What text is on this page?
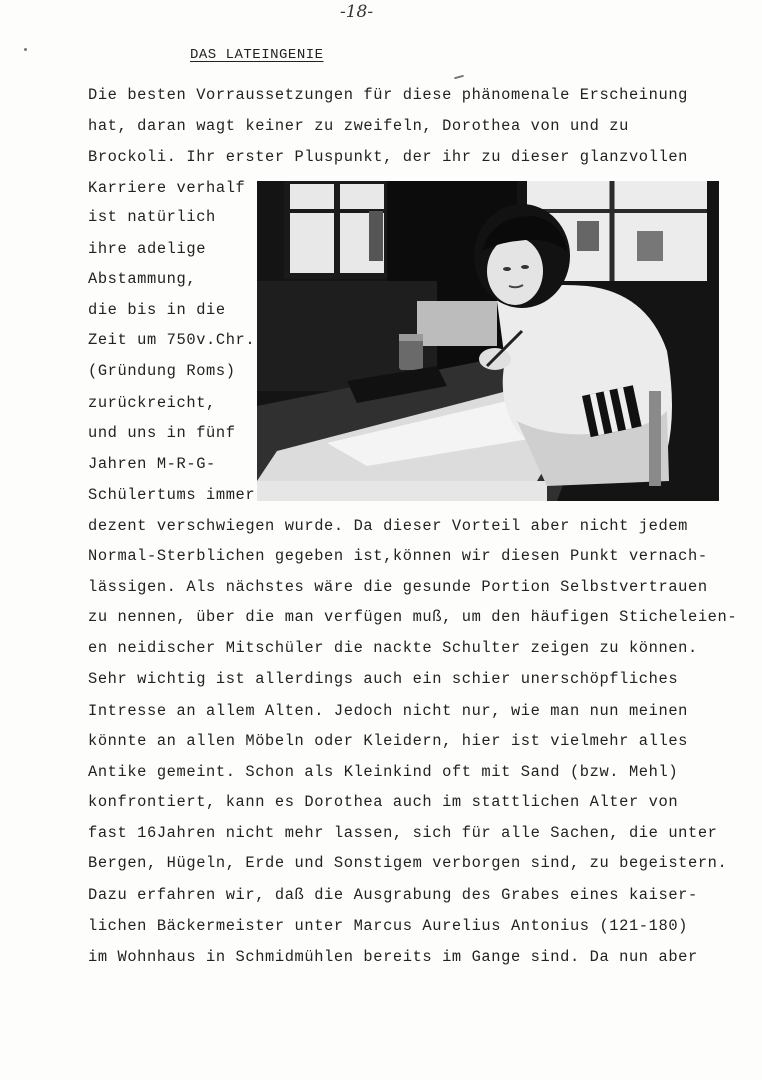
-18-
DAS LATEINGENIE
Die besten Vorraussetzungen für diese phänomenale Erscheinung
hat, daran wagt keiner zu zweifeln, Dorothea von und zu
Brockoli. Ihr erster Pluspunkt, der ihr zu dieser glanzvollen
Karriere verhalf
ist natürlich
ihre adelige
Abstammung,
die bis in die
Zeit um 750v.Chr.
(Gründung Roms)
zurückreicht,
und uns in fünf
Jahren M-R-G-
Schülertums immer
dezent verschwiegen wurde. Da dieser Vorteil aber nicht jedem
Normal-Sterblichen gegeben ist,können wir diesen Punkt vernach-
lässigen. Als nächstes wäre die gesunde Portion Selbstvertrauen
zu nennen, über die man verfügen muß, um den häufigen Sticheleien-
en neidischer Mitschüler die nackte Schulter zeigen zu können.
Sehr wichtig ist allerdings auch ein schier unerschöpfliches
Intresse an allem Alten. Jedoch nicht nur, wie man nun meinen
könnte an allen Möbeln oder Kleidern, hier ist vielmehr alles
Antike gemeint. Schon als Kleinkind oft mit Sand (bzw. Mehl)
konfrontiert, kann es Dorothea auch im stattlichen Alter von
fast 16Jahren nicht mehr lassen, sich für alle Sachen, die unter
Bergen, Hügeln, Erde und Sonstigem verborgen sind, zu begeistern.
Dazu erfahren wir, daß die Ausgrabung des Grabes eines kaiser-
lichen Bäckermeister unter Marcus Aurelius Antonius (121-180)
im Wohnhaus in Schmidmühlen bereits im Gange sind. Da nun aber
